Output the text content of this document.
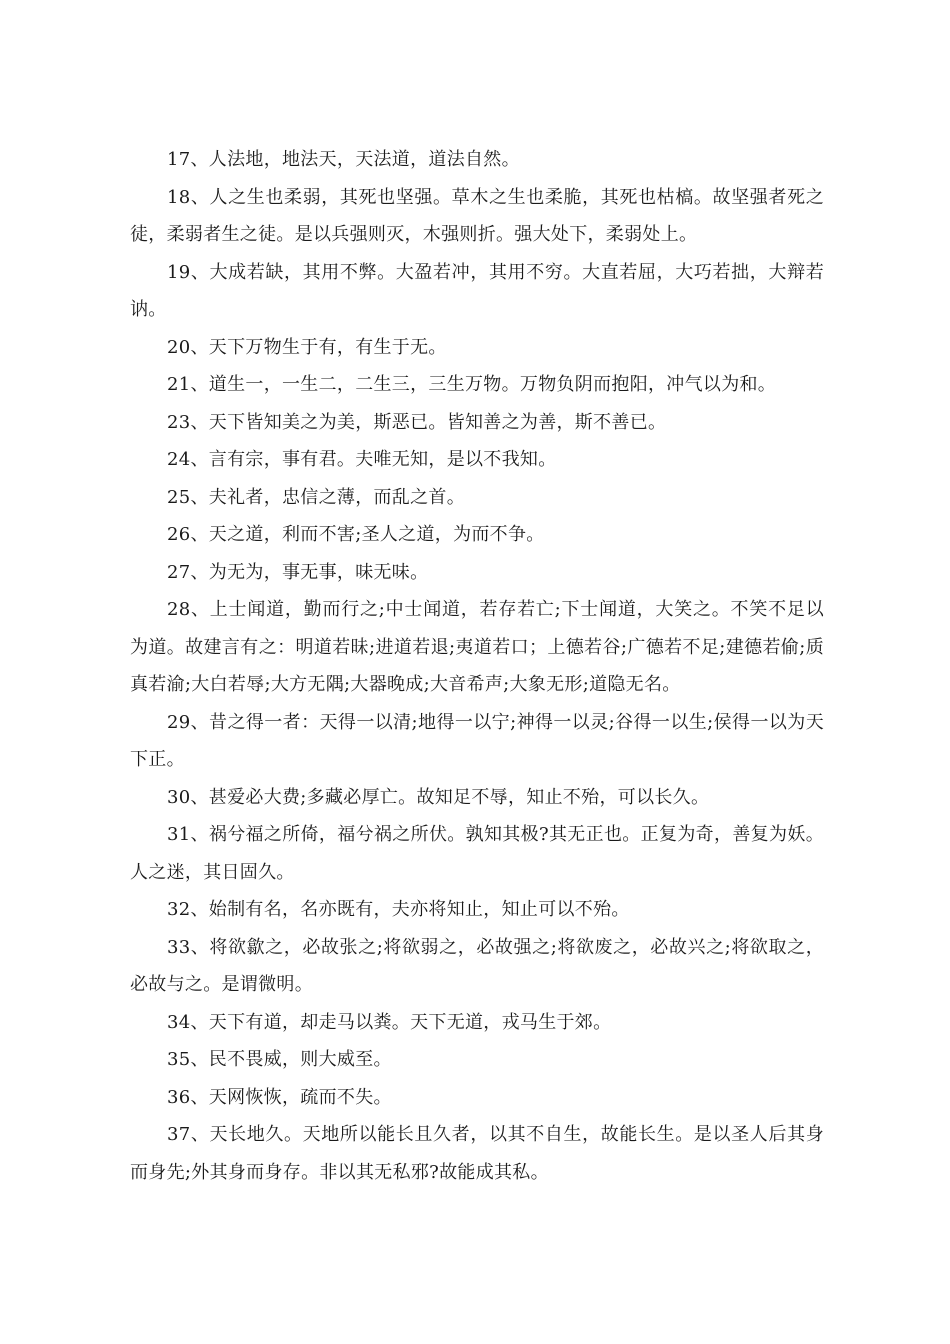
17、人法地，地法天，天法道，道法自然。

18、人之生也柔弱，其死也坚强。草木之生也柔脆，其死也枯槁。故坚强者死之徒，柔弱者生之徒。是以兵强则灭，木强则折。强大处下，柔弱处上。

19、大成若缺，其用不弊。大盈若冲，其用不穷。大直若屈，大巧若拙，大辩若讷。

20、天下万物生于有，有生于无。

21、道生一，一生二，二生三，三生万物。万物负阴而抱阳，冲气以为和。

23、天下皆知美之为美，斯恶已。皆知善之为善，斯不善已。

24、言有宗，事有君。夫唯无知，是以不我知。

25、夫礼者，忠信之薄，而乱之首。

26、天之道，利而不害;圣人之道，为而不争。

27、为无为，事无事，味无味。

28、上士闻道，勤而行之;中士闻道，若存若亡;下士闻道，大笑之。不笑不足以为道。故建言有之：明道若昧;进道若退;夷道若口；上德若谷;广德若不足;建德若偷;质真若渝;大白若辱;大方无隅;大器晚成;大音希声;大象无形;道隐无名。

29、昔之得一者：天得一以清;地得一以宁;神得一以灵;谷得一以生;侯得一以为天下正。

30、甚爱必大费;多藏必厚亡。故知足不辱，知止不殆，可以长久。

31、祸兮福之所倚，福兮祸之所伏。孰知其极?其无正也。正复为奇，善复为妖。人之迷，其日固久。

32、始制有名，名亦既有，夫亦将知止，知止可以不殆。

33、将欲歙之，必故张之;将欲弱之，必故强之;将欲废之，必故兴之;将欲取之，必故与之。是谓微明。

34、天下有道，却走马以粪。天下无道，戎马生于郊。

35、民不畏威，则大威至。

36、天网恢恢，疏而不失。

37、天长地久。天地所以能长且久者，以其不自生，故能长生。是以圣人后其身而身先;外其身而身存。非以其无私邪?故能成其私。
